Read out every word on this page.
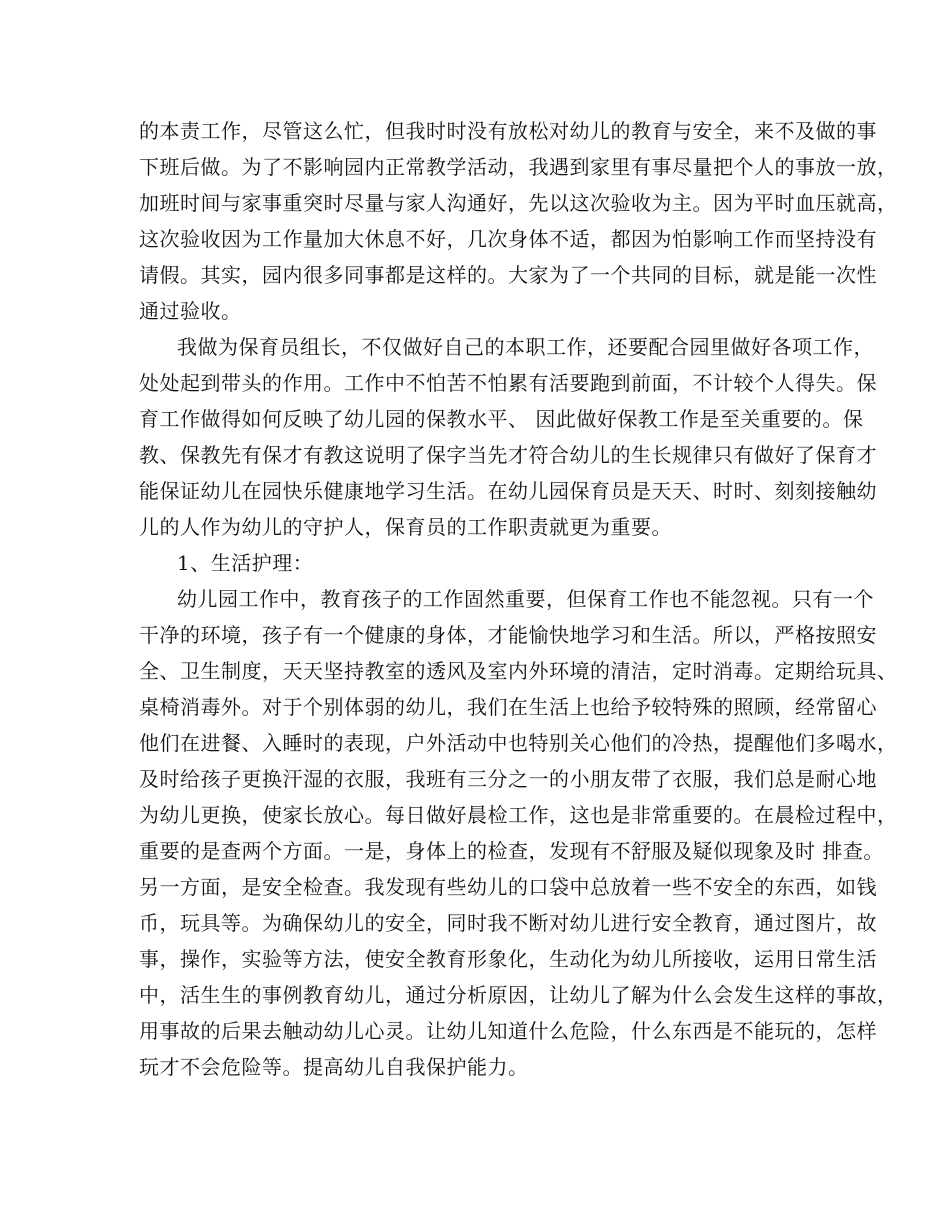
的本责工作，尽管这么忙，但我时时没有放松对幼儿的教育与安全，来不及做的事
下班后做。为了不影响园内正常教学活动，我遇到家里有事尽量把个人的事放一放，
加班时间与家事重突时尽量与家人沟通好，先以这次验收为主。因为平时血压就高，
这次验收因为工作量加大休息不好，几次身体不适，都因为怕影响工作而坚持没有
请假。其实，园内很多同事都是这样的。大家为了一个共同的目标，就是能一次性
通过验收。
我做为保育员组长，不仅做好自己的本职工作，还要配合园里做好各项工作，
处处起到带头的作用。工作中不怕苦不怕累有活要跑到前面，不计较个人得失。保
育工作做得如何反映了幼儿园的保教水平、 因此做好保教工作是至关重要的。保
教、保教先有保才有教这说明了保字当先才符合幼儿的生长规律只有做好了保育才
能保证幼儿在园快乐健康地学习生活。在幼儿园保育员是天天、时时、刻刻接触幼
儿的人作为幼儿的守护人，保育员的工作职责就更为重要。
1、生活护理：
幼儿园工作中，教育孩子的工作固然重要，但保育工作也不能忽视。只有一个
干净的环境，孩子有一个健康的身体，才能愉快地学习和生活。所以，严格按照安
全、卫生制度，天天坚持教室的透风及室内外环境的清洁，定时消毒。定期给玩具、
桌椅消毒外。对于个别体弱的幼儿，我们在生活上也给予较特殊的照顾，经常留心
他们在进餐、入睡时的表现，户外活动中也特别关心他们的冷热，提醒他们多喝水，
及时给孩子更换汗湿的衣服，我班有三分之一的小朋友带了衣服，我们总是耐心地
为幼儿更换，使家长放心。每日做好晨检工作，这也是非常重要的。在晨检过程中，
重要的是查两个方面。一是，身体上的检查，发现有不舒服及疑似现象及时 排查。
另一方面，是安全检查。我发现有些幼儿的口袋中总放着一些不安全的东西，如钱
币，玩具等。为确保幼儿的安全，同时我不断对幼儿进行安全教育，通过图片，故
事，操作，实验等方法，使安全教育形象化，生动化为幼儿所接收，运用日常生活
中，活生生的事例教育幼儿，通过分析原因，让幼儿了解为什么会发生这样的事故，
用事故的后果去触动幼儿心灵。让幼儿知道什么危险，什么东西是不能玩的，怎样
玩才不会危险等。提高幼儿自我保护能力。
